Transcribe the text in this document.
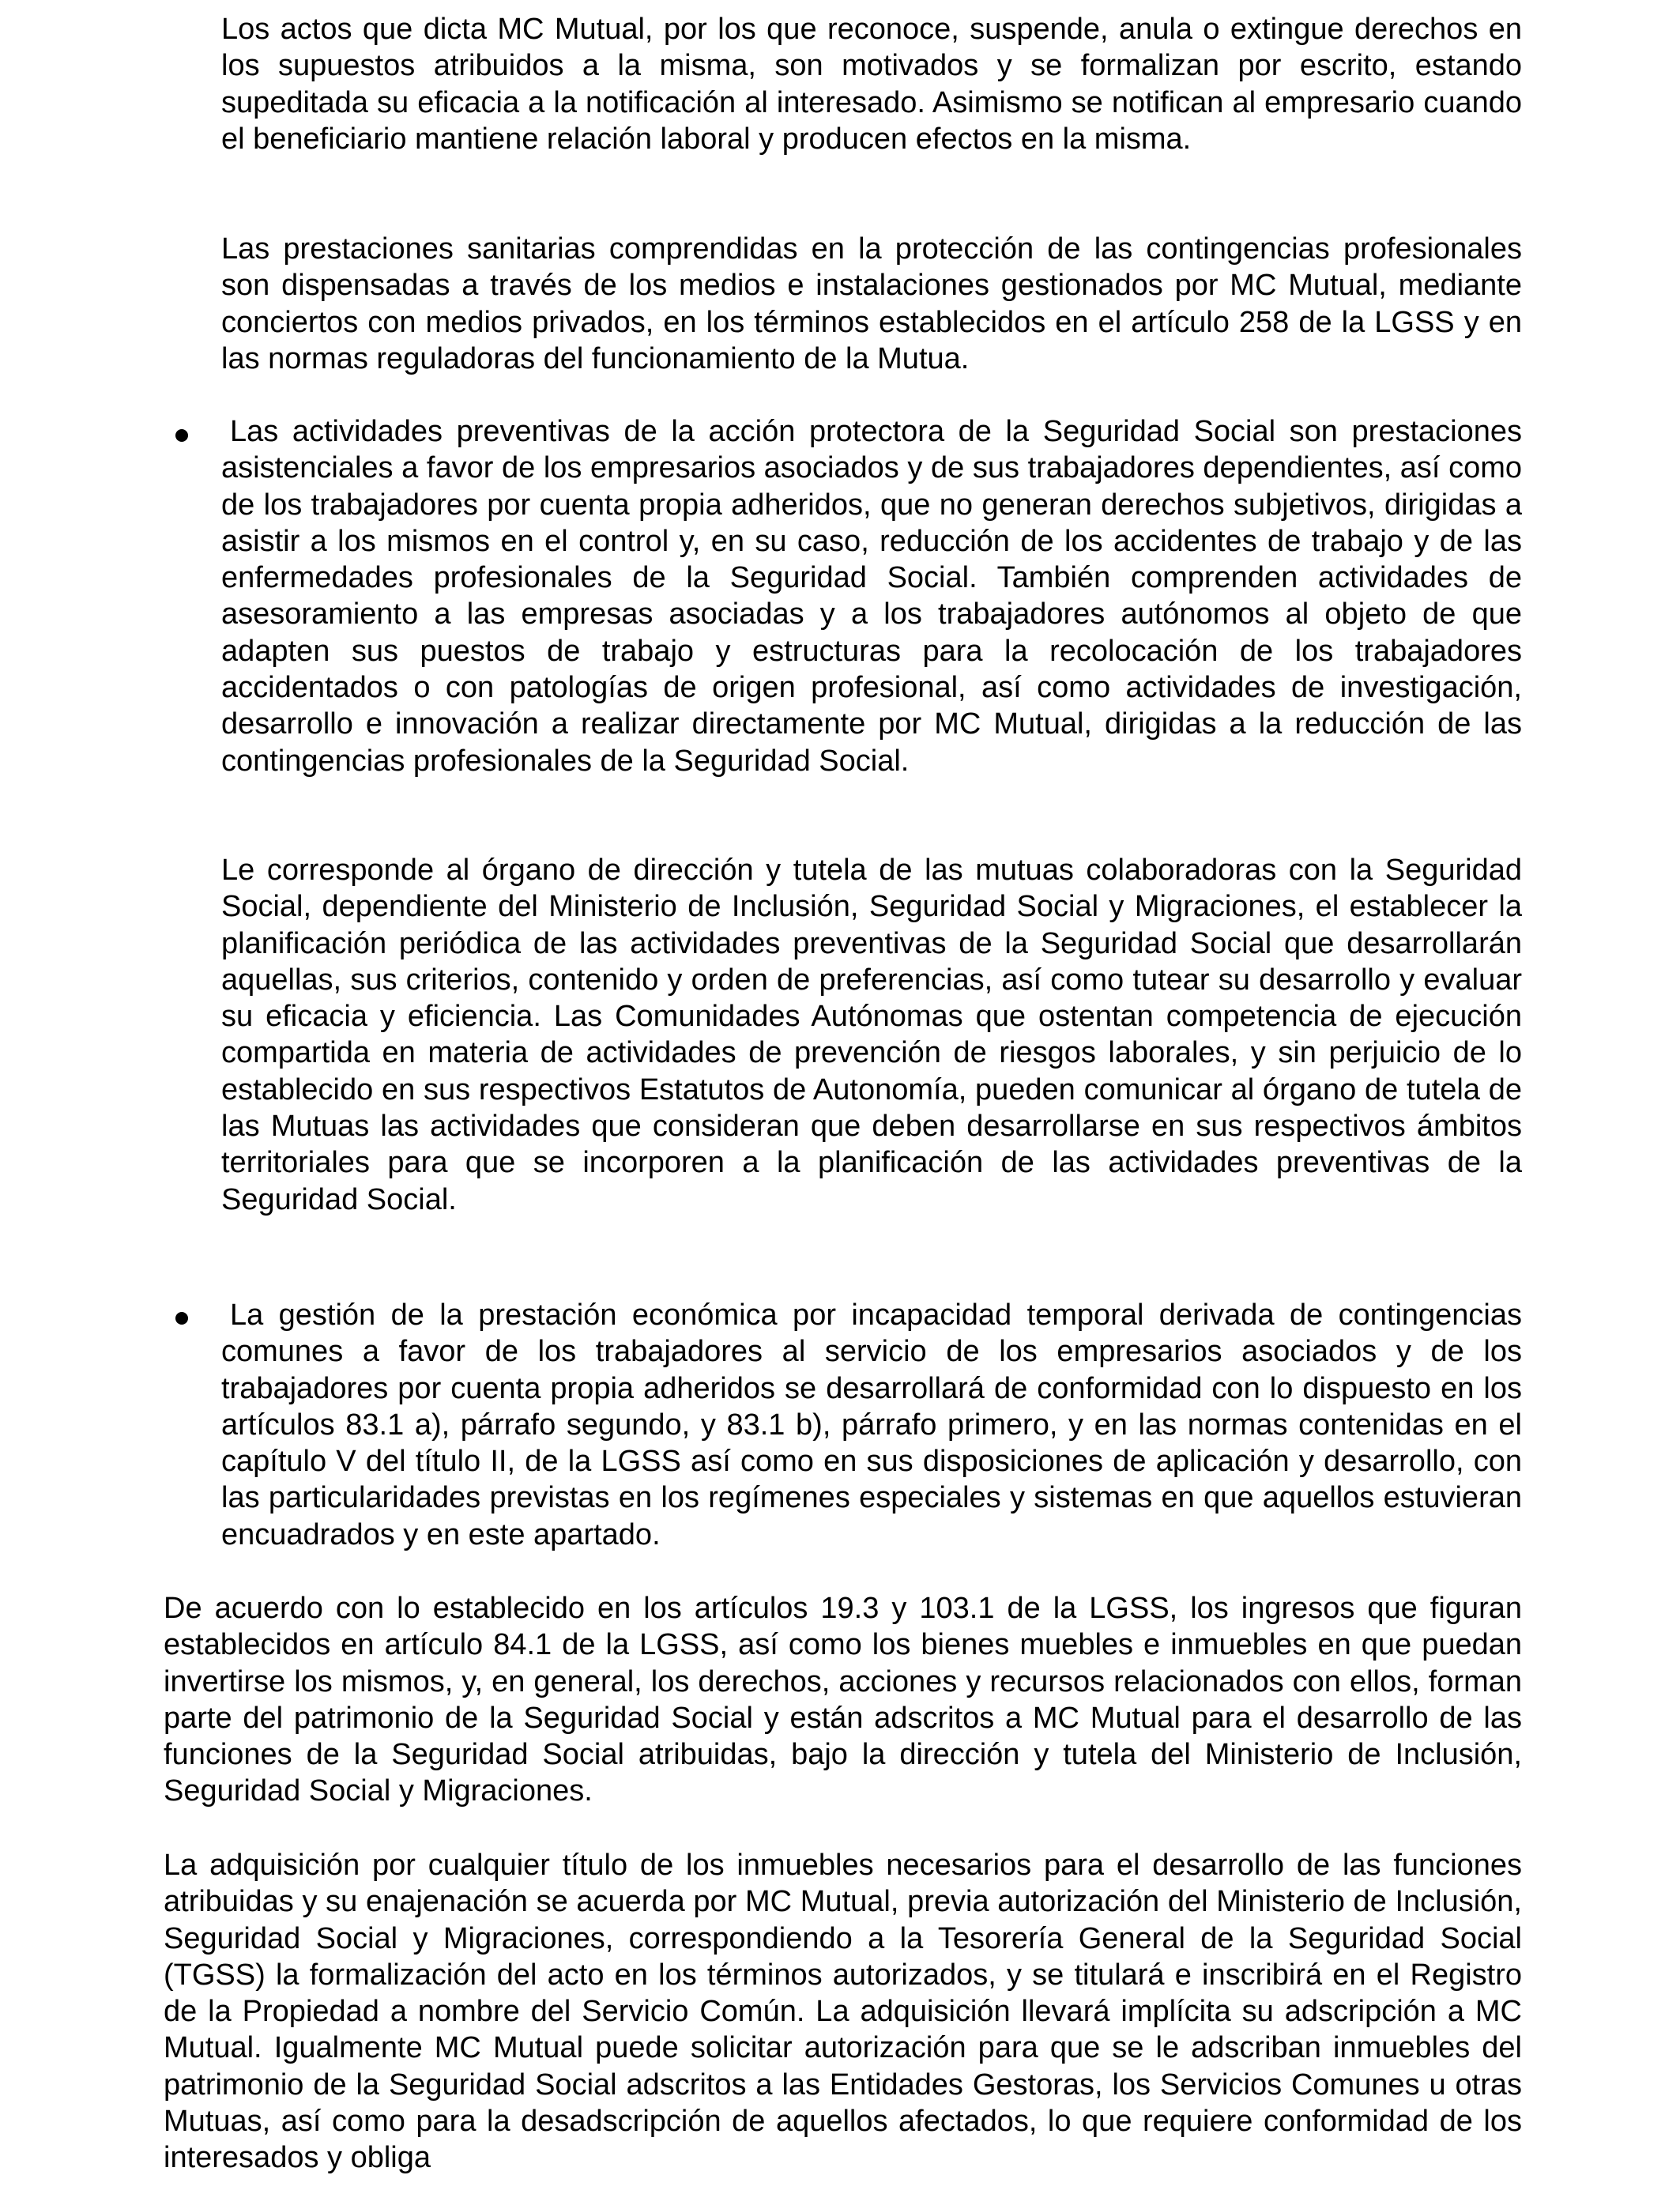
Los actos que dicta MC Mutual, por los que reconoce, suspende, anula o extingue derechos en los supuestos atribuidos a la misma, son motivados y se formalizan por escrito, estando supeditada su eficacia a la notificación al interesado. Asimismo se notifican al empresario cuando el beneficiario mantiene relación laboral y producen efectos en la misma.

Las prestaciones sanitarias comprendidas en la protección de las contingencias profesionales son dispensadas a través de los medios e instalaciones gestionados por MC Mutual, mediante conciertos con medios privados, en los términos establecidos en el artículo 258 de la LGSS y en las normas reguladoras del funcionamiento de la Mutua.

Las actividades preventivas de la acción protectora de la Seguridad Social son prestaciones asistenciales a favor de los empresarios asociados y de sus trabajadores dependientes, así como de los trabajadores por cuenta propia adheridos, que no generan derechos subjetivos, dirigidas a asistir a los mismos en el control y, en su caso, reducción de los accidentes de trabajo y de las enfermedades profesionales de la Seguridad Social. También comprenden actividades de asesoramiento a las empresas asociadas y a los trabajadores autónomos al objeto de que adapten sus puestos de trabajo y estructuras para la recolocación de los trabajadores accidentados o con patologías de origen profesional, así como actividades de investigación, desarrollo e innovación a realizar directamente por MC Mutual, dirigidas a la reducción de las contingencias profesionales de la Seguridad Social.

Le corresponde al órgano de dirección y tutela de las mutuas colaboradoras con la Seguridad Social, dependiente del Ministerio de Inclusión, Seguridad Social y Migraciones, el establecer la planificación periódica de las actividades preventivas de la Seguridad Social que desarrollarán aquellas, sus criterios, contenido y orden de preferencias, así como tutear su desarrollo y evaluar su eficacia y eficiencia. Las Comunidades Autónomas que ostentan competencia de ejecución compartida en materia de actividades de prevención de riesgos laborales, y sin perjuicio de lo establecido en sus respectivos Estatutos de Autonomía, pueden comunicar al órgano de tutela de las Mutuas las actividades que consideran que deben desarrollarse en sus respectivos ámbitos territoriales para que se incorporen a la planificación de las actividades preventivas de la Seguridad Social.

La gestión de la prestación económica por incapacidad temporal derivada de contingencias comunes a favor de los trabajadores al servicio de los empresarios asociados y de los trabajadores por cuenta propia adheridos se desarrollará de conformidad con lo dispuesto en los artículos 83.1 a), párrafo segundo, y 83.1 b), párrafo primero, y en las normas contenidas en el capítulo V del título II, de la LGSS así como en sus disposiciones de aplicación y desarrollo, con las particularidades previstas en los regímenes especiales y sistemas en que aquellos estuvieran encuadrados y en este apartado.

De acuerdo con lo establecido en los artículos 19.3 y 103.1 de la LGSS, los ingresos que figuran establecidos en artículo 84.1 de la LGSS, así como los bienes muebles e inmuebles en que puedan invertirse los mismos, y, en general, los derechos, acciones y recursos relacionados con ellos, forman parte del patrimonio de la Seguridad Social y están adscritos a MC Mutual para el desarrollo de las funciones de la Seguridad Social atribuidas, bajo la dirección y tutela del Ministerio de Inclusión, Seguridad Social y Migraciones.

La adquisición por cualquier título de los inmuebles necesarios para el desarrollo de las funciones atribuidas y su enajenación se acuerda por MC Mutual, previa autorización del Ministerio de Inclusión, Seguridad Social y Migraciones, correspondiendo a la Tesorería General de la Seguridad Social (TGSS) la formalización del acto en los términos autorizados, y se titulará e inscribirá en el Registro de la Propiedad a nombre del Servicio Común. La adquisición llevará implícita su adscripción a MC Mutual. Igualmente MC Mutual puede solicitar autorización para que se le adscriban inmuebles del patrimonio de la Seguridad Social adscritos a las Entidades Gestoras, los Servicios Comunes u otras Mutuas, así como para la desadscripción de aquellos afectados, lo que requiere conformidad de los interesados y obliga
